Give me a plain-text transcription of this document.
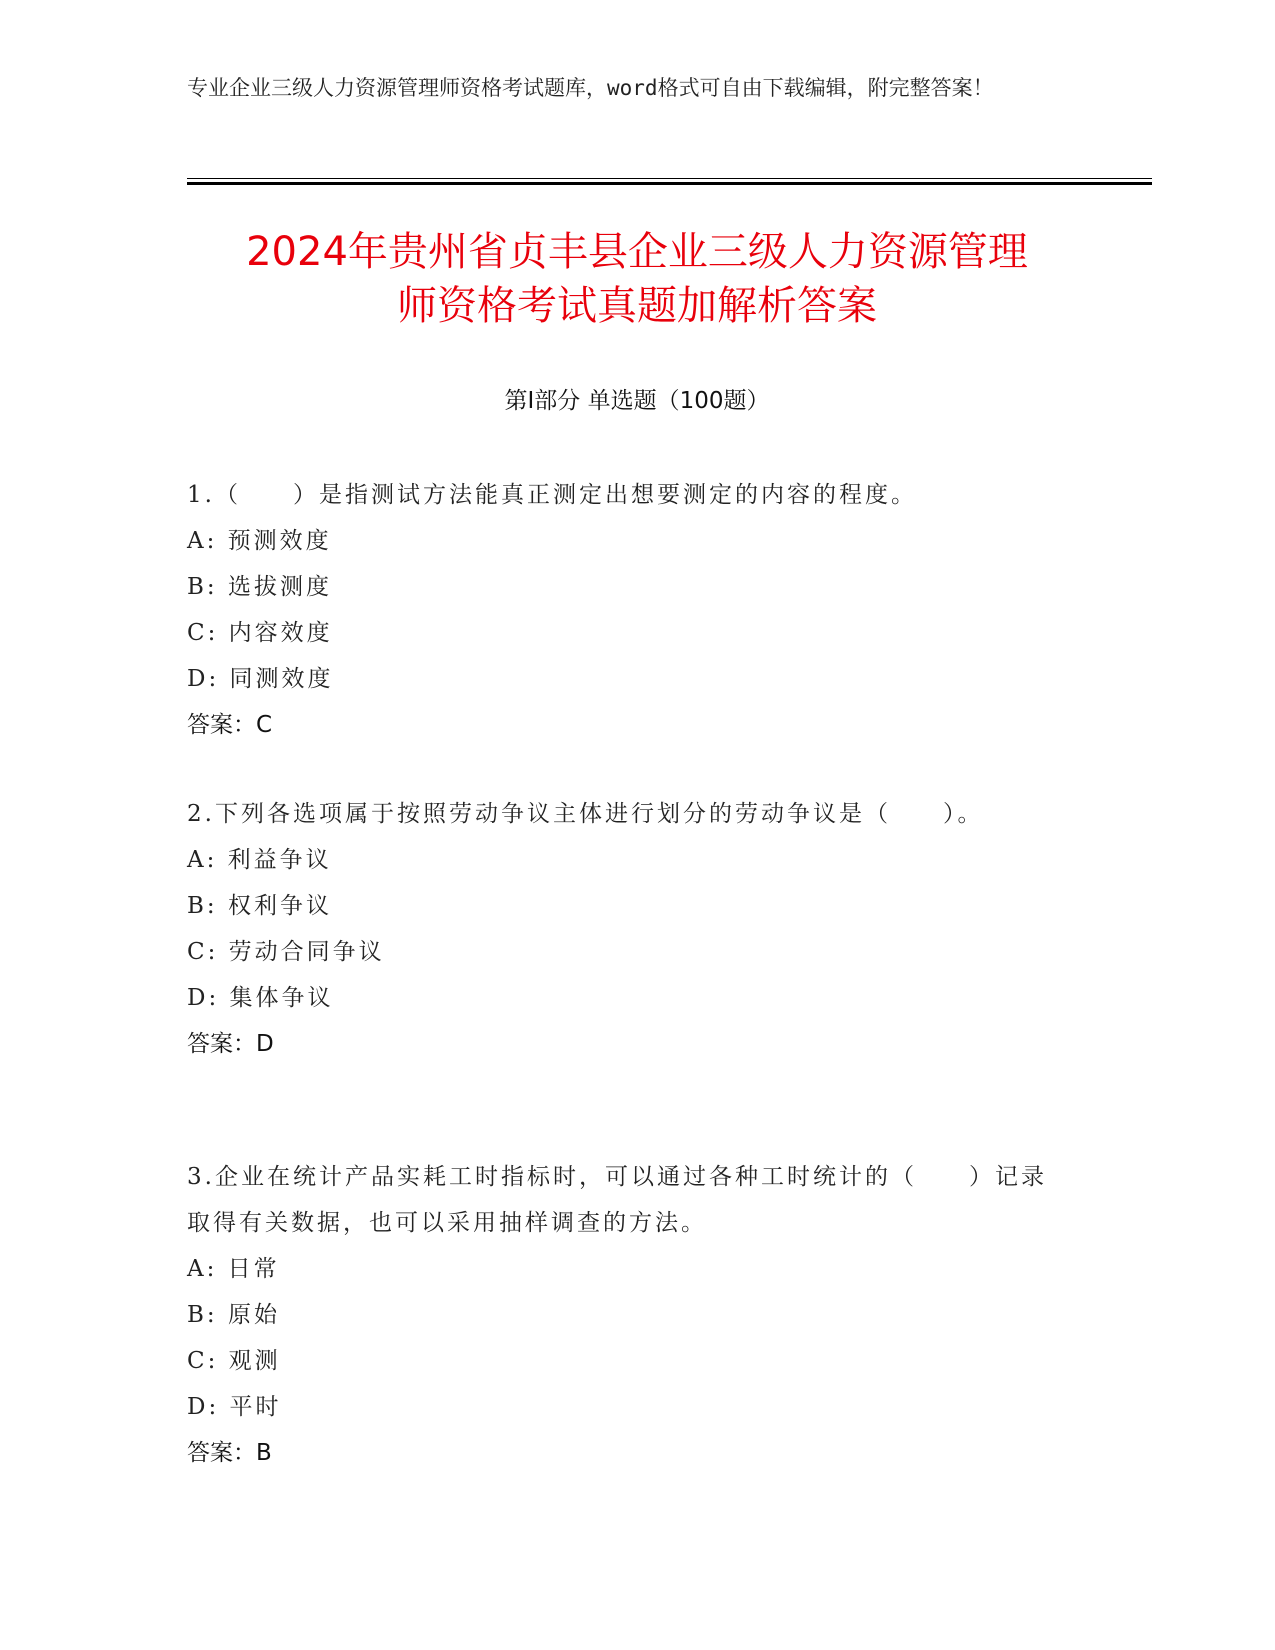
专业企业三级人力资源管理师资格考试题库，word格式可自由下载编辑，附完整答案！
2024年贵州省贞丰县企业三级人力资源管理
师资格考试真题加解析答案
第Ⅰ部分 单选题（100题）
1.（　　）是指测试方法能真正测定出想要测定的内容的程度。
A: 预测效度
B: 选拔测度
C: 内容效度
D: 同测效度
答案：C
2.下列各选项属于按照劳动争议主体进行划分的劳动争议是（　　）。
A: 利益争议
B: 权利争议
C: 劳动合同争议
D: 集体争议
答案：D
3.企业在统计产品实耗工时指标时，可以通过各种工时统计的（　　）记录取得有关数据，也可以采用抽样调查的方法。
A: 日常
B: 原始
C: 观测
D: 平时
答案：B
